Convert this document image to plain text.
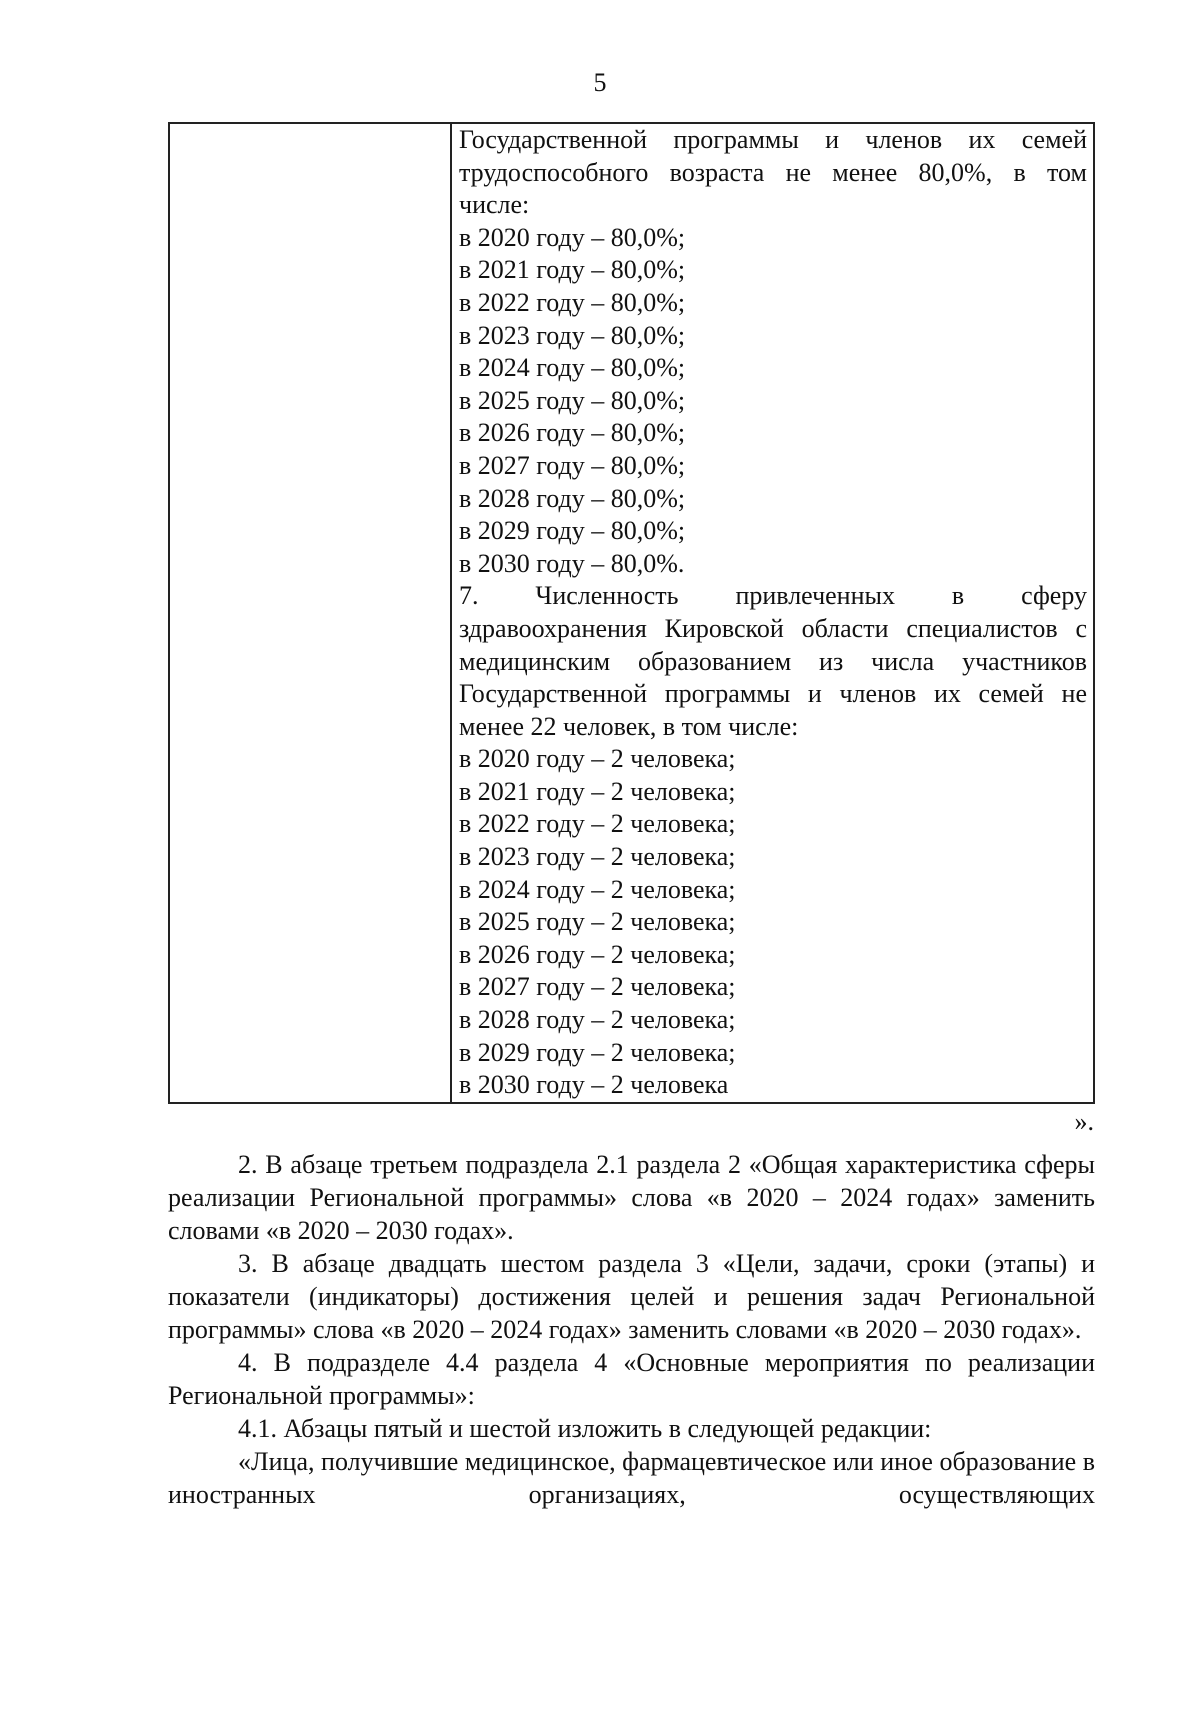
5

Государственной программы и членов их семей
трудоспособного возраста не менее 80,0%, в том
числе:
в 2020 году – 80,0%;
в 2021 году – 80,0%;
в 2022 году – 80,0%;
в 2023 году – 80,0%;
в 2024 году – 80,0%;
в 2025 году – 80,0%;
в 2026 году – 80,0%;
в 2027 году – 80,0%;
в 2028 году – 80,0%;
в 2029 году – 80,0%;
в 2030 году – 80,0%.
7. Численность привлеченных в сферу
здравоохранения Кировской области специалистов с
медицинским образованием из числа участников
Государственной программы и членов их семей не
менее 22 человек, в том числе:
в 2020 году – 2 человека;
в 2021 году – 2 человека;
в 2022 году – 2 человека;
в 2023 году – 2 человека;
в 2024 году – 2 человека;
в 2025 году – 2 человека;
в 2026 году – 2 человека;
в 2027 году – 2 человека;
в 2028 году – 2 человека;
в 2029 году – 2 человека;
в 2030 году – 2 человека
».

2. В абзаце третьем подраздела 2.1 раздела 2 «Общая характеристика сферы реализации Региональной программы» слова «в 2020 – 2024 годах» заменить словами «в 2020 – 2030 годах».

3. В абзаце двадцать шестом раздела 3 «Цели, задачи, сроки (этапы) и показатели (индикаторы) достижения целей и решения задач Региональной программы» слова «в 2020 – 2024 годах» заменить словами «в 2020 – 2030 годах».

4. В подразделе 4.4 раздела 4 «Основные мероприятия по реализации Региональной программы»:

4.1. Абзацы пятый и шестой изложить в следующей редакции:

«Лица, получившие медицинское, фармацевтическое или иное образование в иностранных организациях, осуществляющих
